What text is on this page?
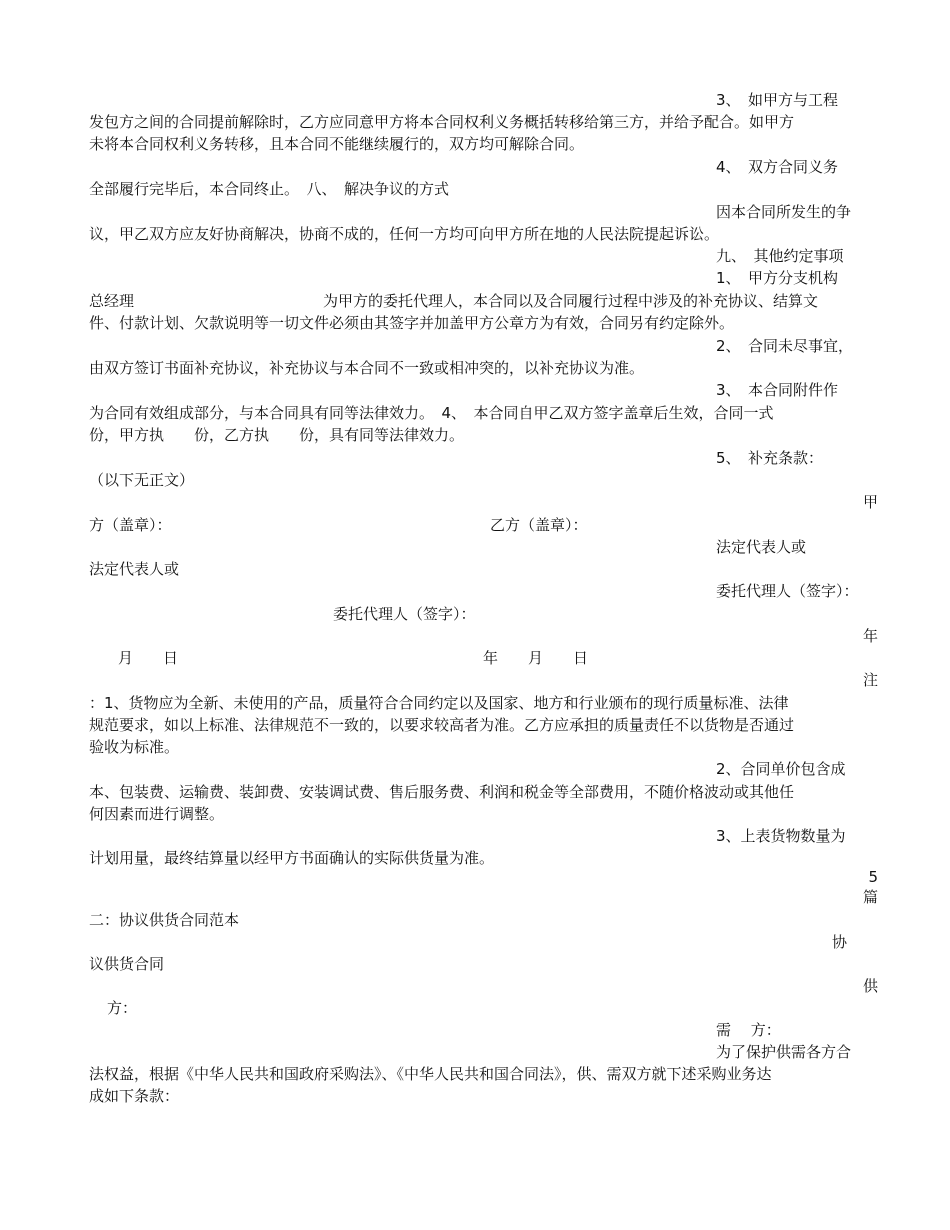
3、　如甲方与工程
发包方之间的合同提前解除时，乙方应同意甲方将本合同权利义务概括转移给第三方，并给予配合。如甲方
未将本合同权利义务转移，且本合同不能继续履行的，双方均可解除合同。
4、　双方合同义务
全部履行完毕后，本合同终止。　八、　解决争议的方式
因本合同所发生的争
议，甲乙双方应友好协商解决，协商不成的，任何一方均可向甲方所在地的人民法院提起诉讼。
九、　其他约定事项
1、　甲方分支机构
总经理	为甲方的委托代理人，本合同以及合同履行过程中涉及的补充协议、结算文
件、付款计划、欠款说明等一切文件必须由其签字并加盖甲方公章方为有效，合同另有约定除外。
2、　合同未尽事宜，
由双方签订书面补充协议，补充协议与本合同不一致或相冲突的，以补充协议为准。
3、　本合同附件作
为合同有效组成部分，与本合同具有同等法律效力。　4、　本合同自甲乙双方签字盖章后生效，合同一式
份，甲方执　　份，乙方执　　份，具有同等法律效力。
5、　补充条款：
（以下无正文）
甲
方（盖章）：	乙方（盖章）：
法定代表人或
法定代表人或
委托代理人（签字）：
委托代理人（签字）：
年
月　　日	年　　月　　日
注
：1、货物应为全新、未使用的产品，质量符合合同约定以及国家、地方和行业颁布的现行质量标准、法律
规范要求，如以上标准、法律规范不一致的，以要求较高者为准。乙方应承担的质量责任不以货物是否通过
验收为标准。
2、合同单价包含成
本、包装费、运输费、装卸费、安装调试费、售后服务费、利润和税金等全部费用，不随价格波动或其他任
何因素而进行调整。
3、上表货物数量为
计划用量，最终结算量以经甲方书面确认的实际供货量为准。
5
篇
二：协议供货合同范本
协
议供货合同
供
方：
需　 方：
为了保护供需各方合
法权益，根据《中华人民共和国政府采购法》、《中华人民共和国合同法》，供、需双方就下述采购业务达
成如下条款：
